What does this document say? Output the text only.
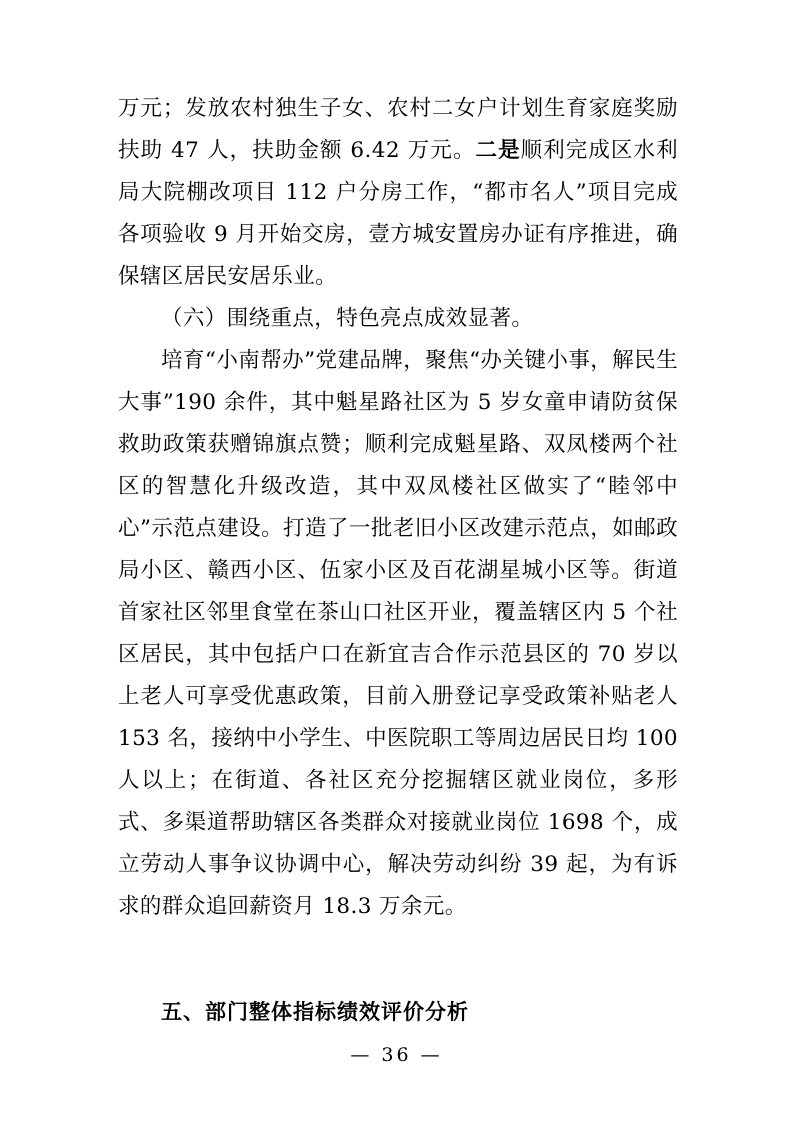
万元；发放农村独生子女、农村二女户计划生育家庭奖励扶助 47 人，扶助金额 6.42 万元。二是顺利完成区水利局大院棚改项目 112 户分房工作，“都市名人”项目完成各项验收 9 月开始交房，壹方城安置房办证有序推进，确保辖区居民安居乐业。

（六）围绕重点，特色亮点成效显著。

培育“小南帮办”党建品牌，聚焦“办关键小事，解民生大事”190 余件，其中魁星路社区为 5 岁女童申请防贫保救助政策获赠锦旗点赞；顺利完成魁星路、双凤楼两个社区的智慧化升级改造，其中双凤楼社区做实了“睦邻中心”示范点建设。打造了一批老旧小区改建示范点，如邮政局小区、赣西小区、伍家小区及百花湖星城小区等。街道首家社区邻里食堂在茶山口社区开业，覆盖辖区内 5 个社区居民，其中包括户口在新宜吉合作示范县区的 70 岁以上老人可享受优惠政策，目前入册登记享受政策补贴老人 153 名，接纳中小学生、中医院职工等周边居民日均 100 人以上；在街道、各社区充分挖掘辖区就业岗位，多形式、多渠道帮助辖区各类群众对接就业岗位 1698 个，成立劳动人事争议协调中心，解决劳动纠纷 39 起，为有诉求的群众追回薪资月 18.3 万余元。

五、部门整体指标绩效评价分析

— 36 —
